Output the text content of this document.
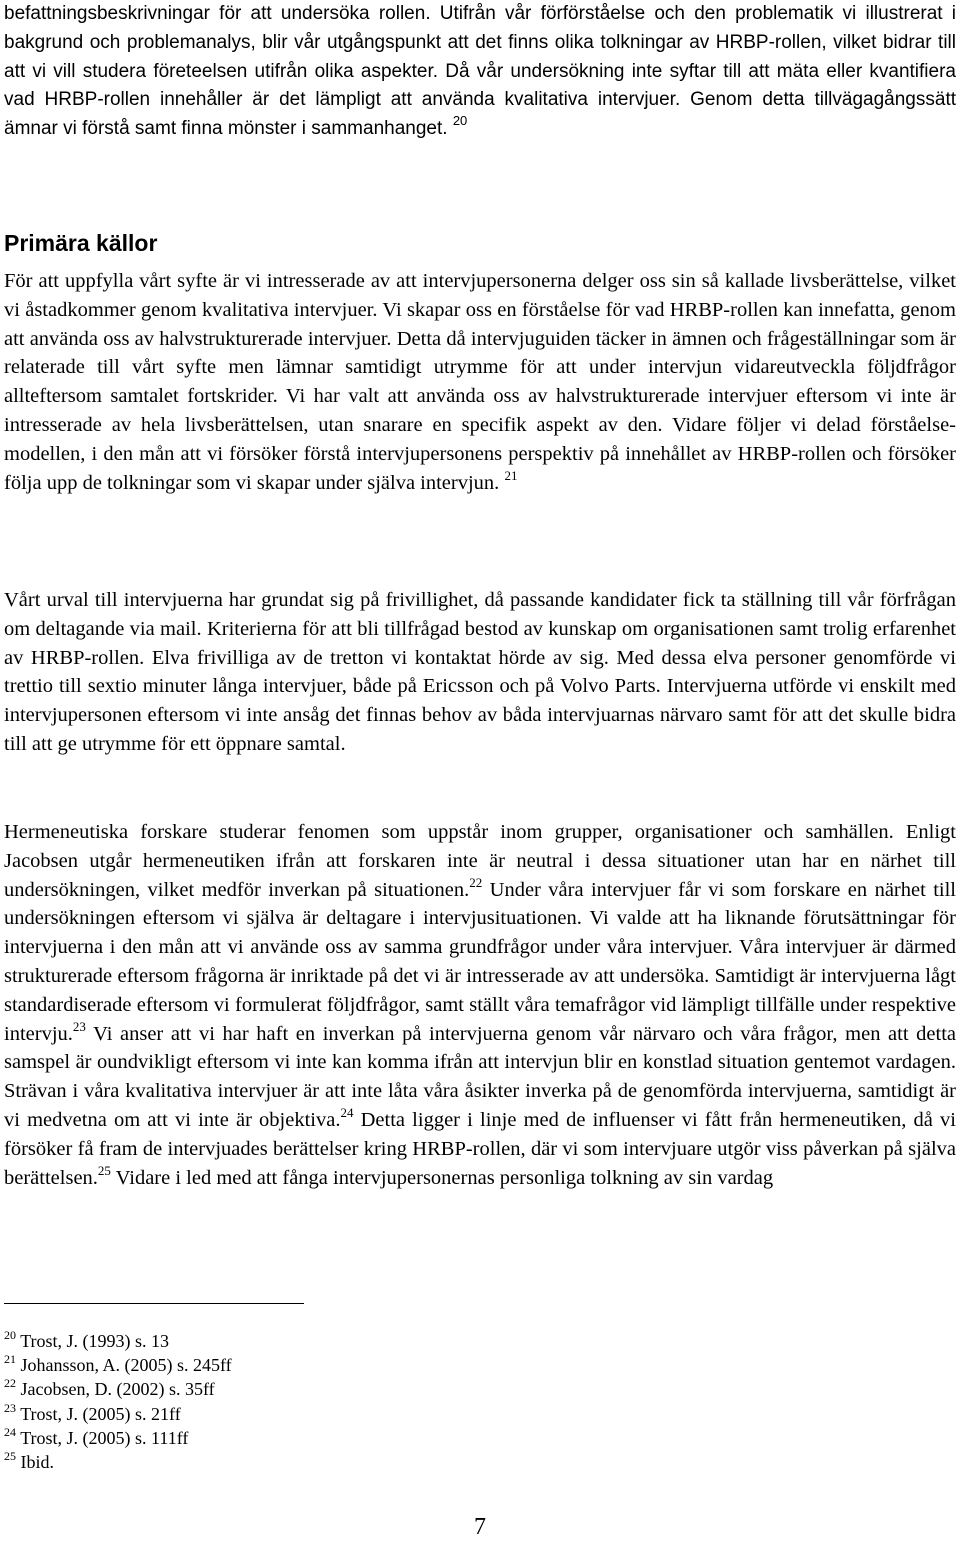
befattningsbeskrivningar för att undersöka rollen. Utifrån vår förförståelse och den problematik vi illustrerat i bakgrund och problemanalys, blir vår utgångspunkt att det finns olika tolkningar av HRBP-rollen, vilket bidrar till att vi vill studera företeelsen utifrån olika aspekter. Då vår undersökning inte syftar till att mäta eller kvantifiera vad HRBP-rollen innehåller är det lämpligt att använda kvalitativa intervjuer. Genom detta tillvägagångssätt ämnar vi förstå samt finna mönster i sammanhanget. $^{20}$

Primära källor

För att uppfylla vårt syfte är vi intresserade av att intervjupersonerna delger oss sin så kallade livsberättelse, vilket vi åstadkommer genom kvalitativa intervjuer. Vi skapar oss en förståelse för vad HRBP-rollen kan innefatta, genom att använda oss av halvstrukturerade intervjuer. Detta då intervjuguiden täcker in ämnen och frågeställningar som är relaterade till vårt syfte men lämnar samtidigt utrymme för att under intervjun vidareutveckla följdfrågor allteftersom samtalet fortskrider. Vi har valt att använda oss av halvstrukturerade intervjuer eftersom vi inte är intresserade av hela livsberättelsen, utan snarare en specifik aspekt av den. Vidare följer vi delad förståelse-modellen, i den mån att vi försöker förstå intervjupersonens perspektiv på innehållet av HRBP-rollen och försöker följa upp de tolkningar som vi skapar under själva intervjun. $^{21}$

Vårt urval till intervjuerna har grundat sig på frivillighet, då passande kandidater fick ta ställning till vår förfrågan om deltagande via mail. Kriterierna för att bli tillfrågad bestod av kunskap om organisationen samt trolig erfarenhet av HRBP-rollen. Elva frivilliga av de tretton vi kontaktat hörde av sig. Med dessa elva personer genomförde vi trettio till sextio minuter långa intervjuer, både på Ericsson och på Volvo Parts. Intervjuerna utförde vi enskilt med intervjupersonen eftersom vi inte ansåg det finnas behov av båda intervjuarnas närvaro samt för att det skulle bidra till att ge utrymme för ett öppnare samtal.

Hermeneutiska forskare studerar fenomen som uppstår inom grupper, organisationer och samhällen. Enligt Jacobsen utgår hermeneutiken ifrån att forskaren inte är neutral i dessa situationer utan har en närhet till undersökningen, vilket medför inverkan på situationen.$^{22}$ Under våra intervjuer får vi som forskare en närhet till undersökningen eftersom vi själva är deltagare i intervjusituationen. Vi valde att ha liknande förutsättningar för intervjuerna i den mån att vi använde oss av samma grundfrågor under våra intervjuer. Våra intervjuer är därmed strukturerade eftersom frågorna är inriktade på det vi är intresserade av att undersöka. Samtidigt är intervjuerna lågt standardiserade eftersom vi formulerat följdfrågor, samt ställt våra temafrågor vid lämpligt tillfälle under respektive intervju.$^{23}$ Vi anser att vi har haft en inverkan på intervjuerna genom vår närvaro och våra frågor, men att detta samspel är oundvikligt eftersom vi inte kan komma ifrån att intervjun blir en konstlad situation gentemot vardagen. Strävan i våra kvalitativa intervjuer är att inte låta våra åsikter inverka på de genomförda intervjuerna, samtidigt är vi medvetna om att vi inte är objektiva.$^{24}$ Detta ligger i linje med de influenser vi fått från hermeneutiken, då vi försöker få fram de intervjuades berättelser kring HRBP-rollen, där vi som intervjuare utgör viss påverkan på själva berättelsen.$^{25}$ Vidare i led med att fånga intervjupersonernas personliga tolkning av sin vardag

$^{20}$ Trost, J. (1993) s. 13
$^{21}$ Johansson, A. (2005) s. 245ff
$^{22}$ Jacobsen, D. (2002) s. 35ff
$^{23}$ Trost, J. (2005) s. 21ff
$^{24}$ Trost, J. (2005) s. 111ff
$^{25}$ Ibid.
7
